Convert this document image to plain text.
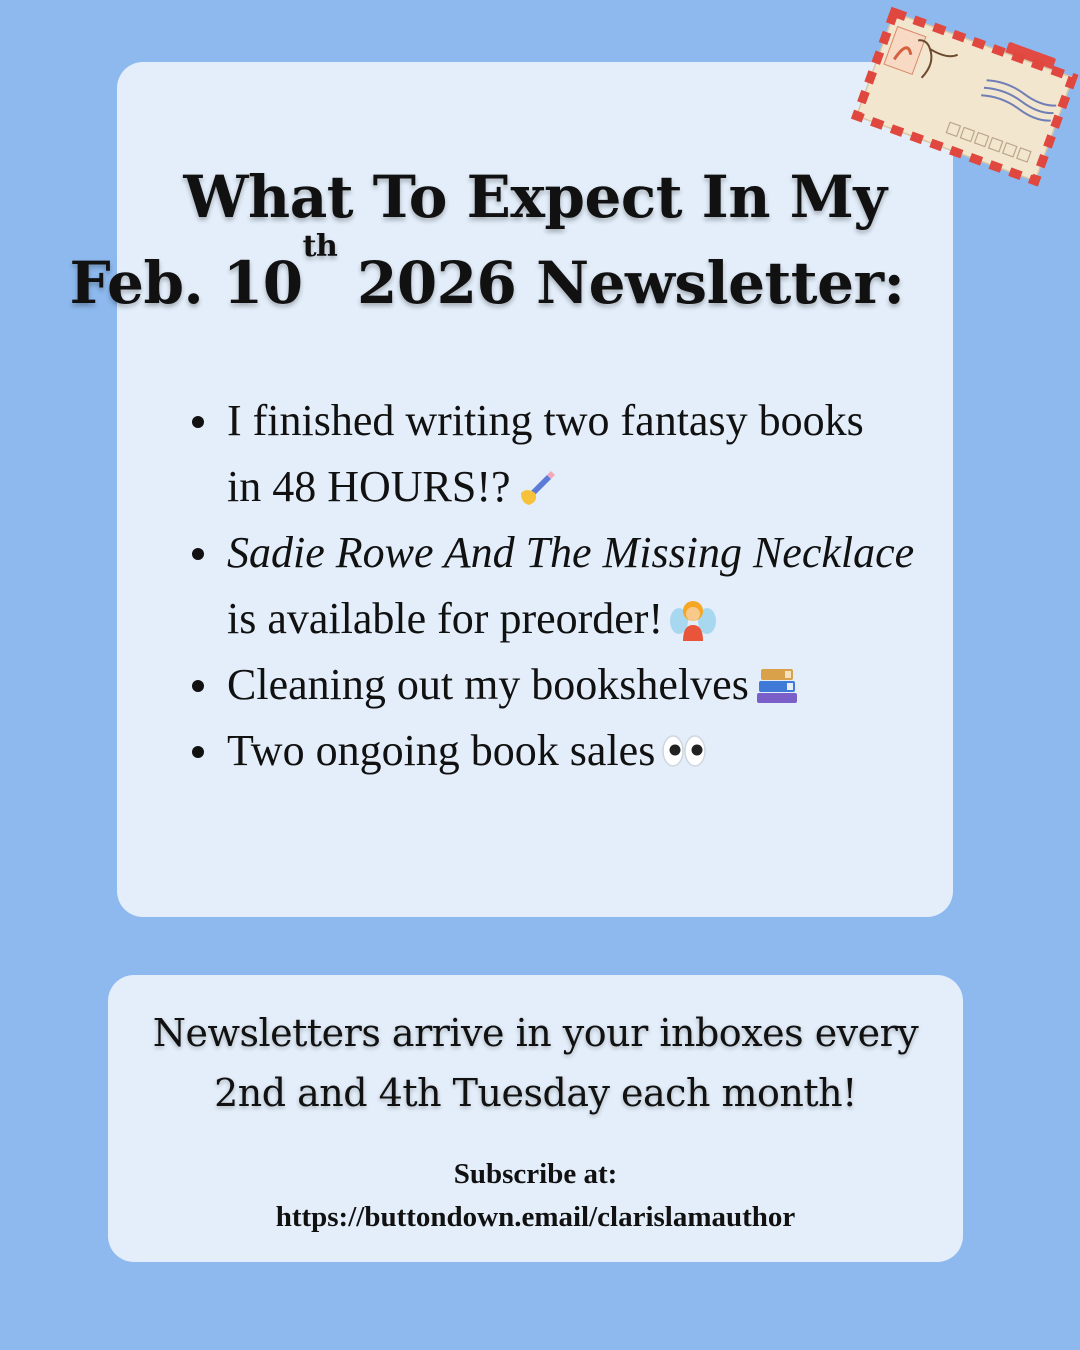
What To Expect In My

Feb. 10th 2026 Newsletter:
I finished writing two fantasy books
in 48 HOURS!?
Sadie Rowe And The Missing Necklace
is available for preorder!
Cleaning out my bookshelves
Two ongoing book sales
Newsletters arrive in your inboxes every
2nd and 4th Tuesday each month!
Subscribe at:
https://buttondown.email/clarislamauthor
